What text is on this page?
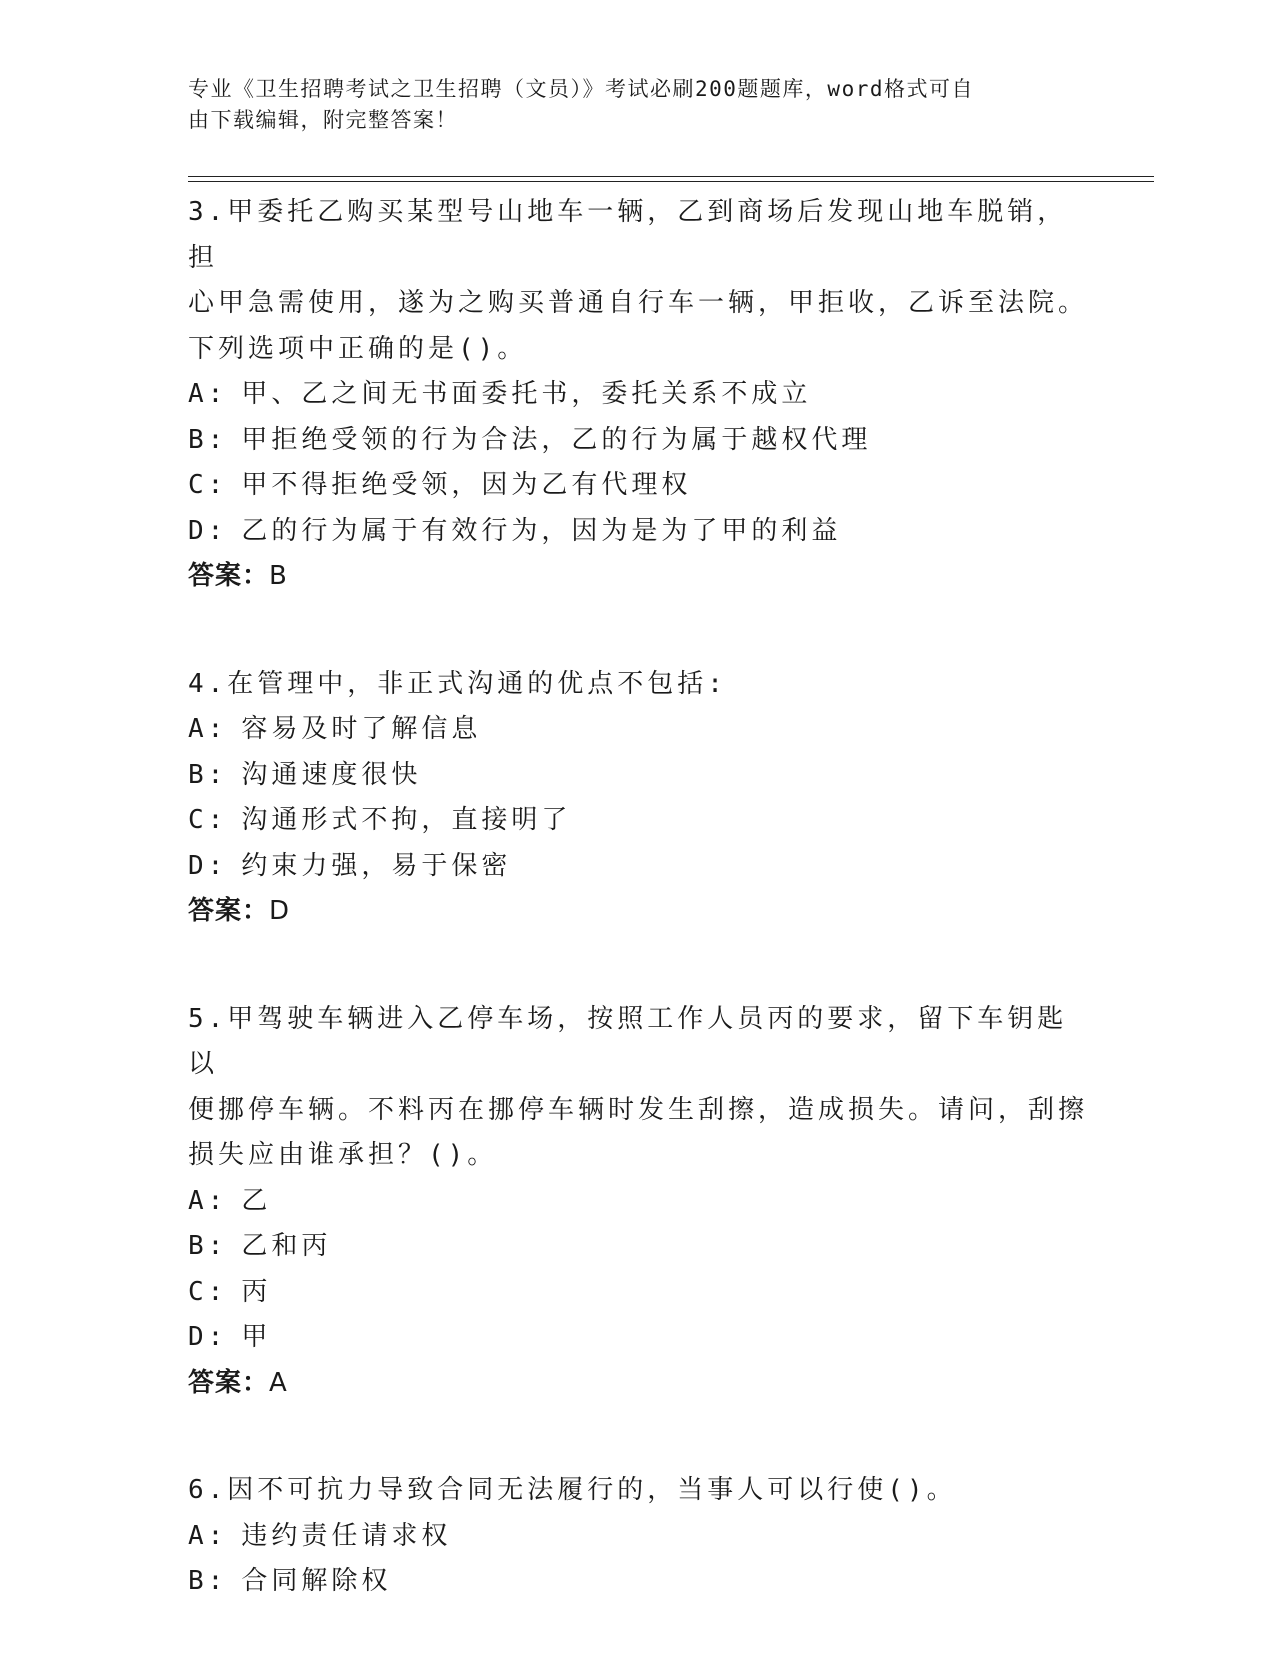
专业《卫生招聘考试之卫生招聘（文员）》考试必刷200题题库，word格式可自
由下载编辑，附完整答案！
3.甲委托乙购买某型号山地车一辆，乙到商场后发现山地车脱销，担
心甲急需使用，遂为之购买普通自行车一辆，甲拒收，乙诉至法院。
下列选项中正确的是()。
A: 甲、乙之间无书面委托书，委托关系不成立
B: 甲拒绝受领的行为合法，乙的行为属于越权代理
C: 甲不得拒绝受领，因为乙有代理权
D: 乙的行为属于有效行为，因为是为了甲的利益
答案：B
4.在管理中，非正式沟通的优点不包括:
A: 容易及时了解信息
B: 沟通速度很快
C: 沟通形式不拘，直接明了
D: 约束力强，易于保密
答案：D
5.甲驾驶车辆进入乙停车场，按照工作人员丙的要求，留下车钥匙以
便挪停车辆。不料丙在挪停车辆时发生刮擦，造成损失。请问，刮擦
损失应由谁承担？()。
A: 乙
B: 乙和丙
C: 丙
D: 甲
答案：A
6.因不可抗力导致合同无法履行的，当事人可以行使()。
A: 违约责任请求权
B: 合同解除权
